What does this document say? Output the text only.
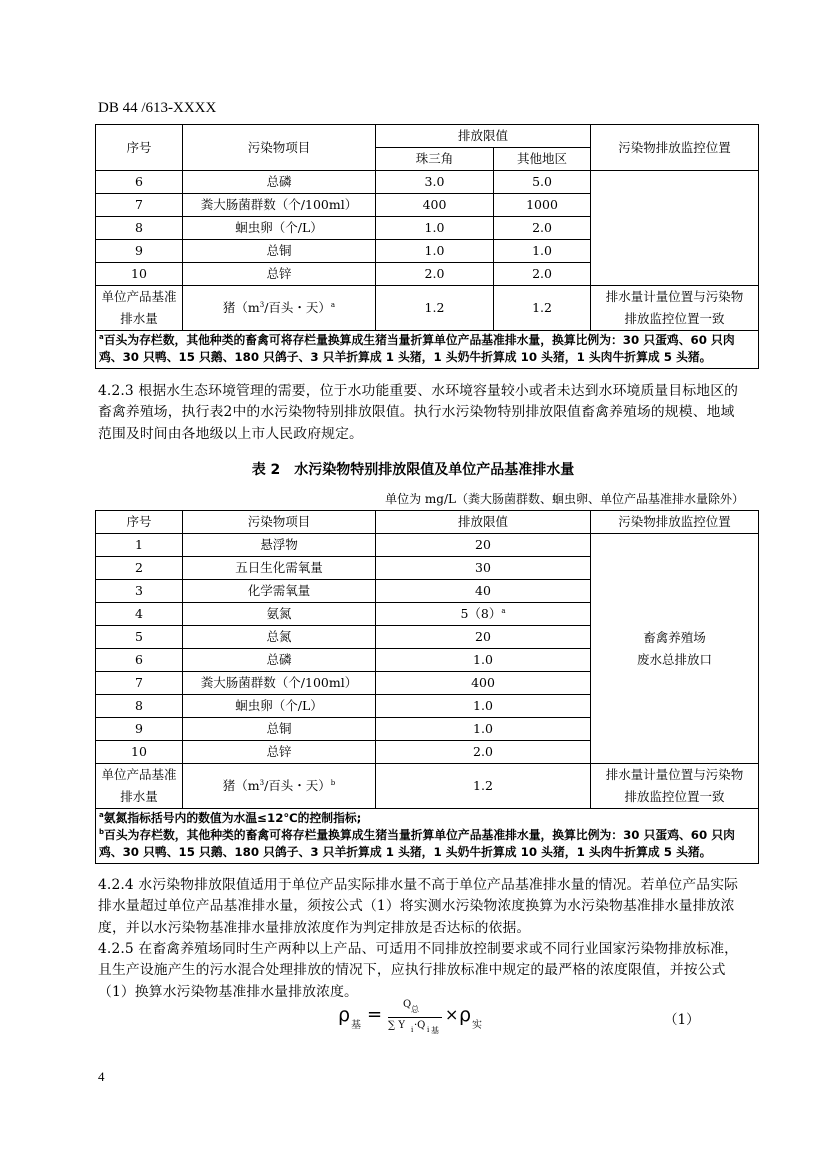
DB 44 /613-XXXX
序号	污染物项目	排放限值		污染物排放监控位置
		珠三角	其他地区	
6	总磷	3.0	5.0	
7	粪大肠菌群数（个/100ml）	400	1000	
8	蛔虫卵（个/L）	1.0	2.0	
9	总铜	1.0	1.0	
10	总锌	2.0	2.0	
单位产品基准
排水量	猪（$m^3/$百头・天）$^a$	1.2	1.2	排水量计量位置与污染物
排放监控位置一致
$^a$百头为存栏数，其他种类的畜禽可将存栏量换算成生猪当量折算单位产品基准排水量，换算比例为：30 只蛋鸡、60 只肉鸡、30 只鸭、15 只鹅、180 只鸽子、3 只羊折算成 1 头猪，1 头奶牛折算成 10 头猪，1 头肉牛折算成 5 头猪。				
4.2.3 根据水生态环境管理的需要，位于水功能重要、水环境容量较小或者未达到水环境质量目标地区的畜禽养殖场，执行表2中的水污染物特别排放限值。执行水污染物特别排放限值畜禽养殖场的规模、地域范围及时间由各地级以上市人民政府规定。
表 2　水污染物特别排放限值及单位产品基准排水量
单位为 mg/L（粪大肠菌群数、蛔虫卵、单位产品基准排水量除外）
序号	污染物项目	排放限值	污染物排放监控位置
1	悬浮物	20	畜禽养殖场
废水总排放口
2	五日生化需氧量	30	
3	化学需氧量	40	
4	氨氮	$5(8)^a$
5	总氮	20	
6	总磷	1.0	
7	粪大肠菌群数（个/100ml）	400	
8	蛔虫卵（个/L）	1.0	
9	总铜	1.0	
10	总锌	2.0	
单位产品基准
排水量	猪（$m^3/$百头・天）$^b$	1.2	排水量计量位置与污染物
排放监控位置一致
$^a$氨氮指标括号内的数值为水温≤12℃的控制指标;
$^b$百头为存栏数，其他种类的畜禽可将存栏量换算成生猪当量折算单位产品基准排水量，换算比例为：30 只蛋鸡、60 只肉鸡、30 只鸭、15 只鹅、180 只鸽子、3 只羊折算成 1 头猪，1 头奶牛折算成 10 头猪，1 头肉牛折算成 5 头猪。			
4.2.4 水污染物排放限值适用于单位产品实际排水量不高于单位产品基准排水量的情况。若单位产品实际排水量超过单位产品基准排水量，须按公式（1）将实测水污染物浓度换算为水污染物基准排水量排放浓度，并以水污染物基准排水量排放浓度作为判定排放是否达标的依据。
4.2.5 在畜禽养殖场同时生产两种以上产品、可适用不同排放控制要求或不同行业国家污染物排放标准，且生产设施产生的污水混合处理排放的情况下，应执行排放标准中规定的最严格的浓度限值，并按公式（1）换算水污染物基准排水量排放浓度。
ρ 基
= Q 总
∑ Y i ·Q i 基
× ρ 实	（1）
4
